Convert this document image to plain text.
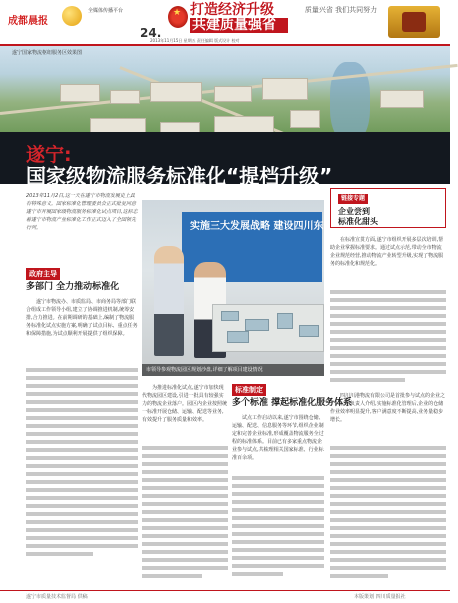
成都晨报
全媒体传播平台
24.
★
打造经济升级
共建质量强省
2013年11月15日 星期五 责任编辑 版式设计 校对
质量兴省 我们共同努力
遂宁国家物流枢纽服务区效果图
遂宁:
国家级物流服务标准化“提档升级”

2013年11月2日,这一天在遂宁市物流发展史上具有特殊意义。国家标准化管理委员会正式批复同意遂宁市开展国家级物流服务标准化试点项目,这标志着遂宁市物流产业标准化工作正式迈入了全国领先行列。

政府主导
多部门 全力推动标准化

遂宁市物流办、市质监局、市商务局等部门联合组成工作领导小组,建立了协调推进机制,统筹安排,合力推进。在前期调研的基础上,编制了物流服务标准化试点实施方案,明确了试点目标、重点任务和保障措施,为试点顺利开展提供了组织保障。

实施三大发展战略 建设四川东部地区
市领导参观物流园区规划沙盘,详细了解项目建设情况

为推进标准化试点,遂宁市加快现代物流园区建设,引进一批具有较强实力的物流企业落户。园区内企业按照统一标准开展仓储、运输、配送等业务,有效提升了服务质量和效率。

标准制定
多个标准 撑起标准化服务体系

试点工作启动以来,遂宁市围绕仓储、运输、配送、信息服务等环节,组织企业制定和完善企业标准,形成覆盖物流服务全过程的标准体系。目前已有多家重点物流企业参与试点,共梳理相关国家标准、行业标准百余项。

在标准宣贯方面,遂宁市组织开展多层次培训,帮助企业掌握标准要求。通过试点示范,带动全市物流企业规范经营,推动物流产业转型升级,实现了物流服务的标准化和规范化。

链接专题
企业尝到
标准化甜头

四川川港物流有限公司是首批参与试点的企业之一。公司负责人介绍,实施标准化管理后,企业的仓储作业效率明显提升,客户满意度不断提高,业务量稳步增长。

遂宁市质量技术监督局 供稿	本版策划 四川质量报社
